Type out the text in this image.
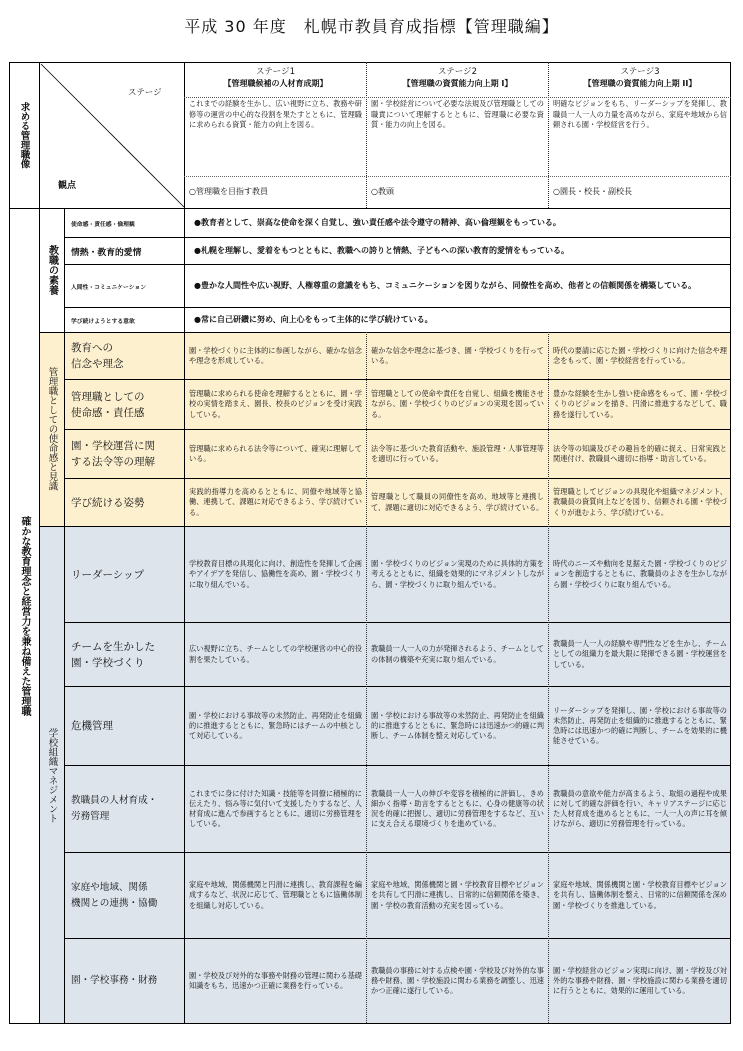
平成 30 年度　札幌市教員育成指標【管理職編】
求める管理職像
ステージ
観点
ステージ1
【管理職候補の人材育成期】
ステージ2
【管理職の資質能力向上期 I】
ステージ3
【管理職の資質能力向上期 II】
これまでの経験を生かし、広い視野に立ち、教務や研修等の運営の中心的な役割を果たすとともに、管理職に求められる資質・能力の向上を図る。
園・学校経営について必要な法規及び管理職としての職責について理解するとともに、管理職に必要な資質・能力の向上を図る。
明確なビジョンをもち、リーダーシップを発揮し、教職員一人一人の力量を高めながら、家庭や地域から信頼される園・学校経営を行う。
○管理職を目指す教員	○教頭	○園長・校長・副校長
確かな教育理念と経営力を兼ね備えた管理職
教職の素養
管理職としての使命感と見識
学校組織マネジメント
使命感・責任感・倫理観
情熱・教育的愛情
人間性・コミュニケーション
学び続けようとする意欲
●教育者として、崇高な使命を深く自覚し、強い責任感や法令遵守の精神、高い倫理観をもっている。
●札幌を理解し、愛着をもつとともに、教職への誇りと情熱、子どもへの深い教育的愛情をもっている。
●豊かな人間性や広い視野、人権尊重の意識をもち、コミュニケーションを図りながら、同僚性を高め、他者との信頼関係を構築している。
●常に自己研鑽に努め、向上心をもって主体的に学び続けている。
教育への
信念や理念
管理職としての
使命感・責任感
園・学校運営に関
する法令等の理解
学び続ける姿勢
リーダーシップ
チームを生かした
園・学校づくり
危機管理
教職員の人材育成・
労務管理
家庭や地域、関係
機関との連携・協働
園・学校事務・財務
園・学校づくりに主体的に参画しながら、確かな信念や理念を形成している。
確かな信念や理念に基づき、園・学校づくりを行っている。
時代の要請に応じた園・学校づくりに向けた信念や理念をもって、園・学校経営を行っている。
管理職に求められる使命を理解するとともに、園・学校の実情を踏まえ、園長、校長のビジョンを受け実践している。
管理職としての使命や責任を自覚し、組織を機能させながら、園・学校づくりのビジョンの実現を図っている。
豊かな経験を生かし強い使命感をもって、園・学校づくりのビジョンを描き、円滑に推進するなどして、職務を遂行している。
管理職に求められる法令等について、確実に理解している。
法令等に基づいた教育活動や、施設管理・人事管理等を適切に行っている。
法令等の知識及びその趣旨を的確に捉え、日常実践と関連付け、教職員へ適切に指導・助言している。
実践的指導力を高めるとともに、同僚や地域等と協働、連携して、課題に対応できるよう、学び続けている。
管理職として職員の同僚性を高め、地域等と連携して、課題に適切に対応できるよう、学び続けている。
管理職としてビジョンの具現化や組織マネジメント、教職員の資質向上などを図り、信頼される園・学校づくりが進むよう、学び続けている。
学校教育目標の具現化に向け、創造性を発揮して企画やアイデアを発信し、協働性を高め、園・学校づくりに取り組んでいる。
園・学校づくりのビジョン実現のために具体的方策を考えるとともに、組織を効果的にマネジメントしながら、園・学校づくりに取り組んでいる。
時代のニーズや動向を見据えた園・学校づくりのビジョンを創造するとともに、教職員のよさを生かしながら園・学校づくりに取り組んでいる。
広い視野に立ち、チームとしての学校運営の中心的役割を果たしている。
教職員一人一人の力が発揮されるよう、チームとしての体制の構築や充実に取り組んでいる。
教職員一人一人の経験や専門性などを生かし、チームとしての組織力を最大限に発揮できる園・学校運営をしている。
園・学校における事故等の未然防止、再発防止を組織的に推進するとともに、緊急時にはチームの中核として対応している。
園・学校における事故等の未然防止、再発防止を組織的に推進するとともに、緊急時には迅速かつ的確に判断し、チーム体制を整え対応している。
リーダーシップを発揮し、園・学校における事故等の未然防止、再発防止を組織的に推進するとともに、緊急時には迅速かつ的確に判断し、チームを効果的に機能させている。
これまでに身に付けた知識・技能等を同僚に積極的に伝えたり、悩み等に気付いて支援したりするなど、人材育成に進んで参画するとともに、適切に労務管理をしている。
教職員一人一人の伸びや変容を積極的に評価し、きめ細かく指導・助言をするとともに、心身の健康等の状況を的確に把握し、適切に労務管理をするなど、互いに支え合える環境づくりを進めている。
教職員の意欲や能力が高まるよう、取組の過程や成果に対して的確な評価を行い、キャリアステージに応じた人材育成を進めるとともに、一人一人の声に耳を傾けながら、適切に労務管理を行っている。
家庭や地域、関係機関と円滑に連携し、教育課程を編成するなど、状況に応じて、管理職とともに協働体制を組織し対応している。
家庭や地域、関係機関と園・学校教育目標やビジョンを共有して円滑に連携し、日常的に信頼関係を築き、園・学校の教育活動の充実を図っている。
家庭や地域、関係機関と園・学校教育目標やビジョンを共有し、協働体制を整え、日常的に信頼関係を深め園・学校づくりを推進している。
園・学校及び対外的な事務や財務の管理に関わる基礎知識をもち、迅速かつ正確に業務を行っている。
教職員の事務に対する点検や園・学校及び対外的な事務や財務、園・学校施設に関わる業務を調整し、迅速かつ正確に遂行している。
園・学校経営のビジョン実現に向け、園・学校及び対外的な事務や財務、園・学校施設に関わる業務を適切に行うとともに、効果的に運用している。
